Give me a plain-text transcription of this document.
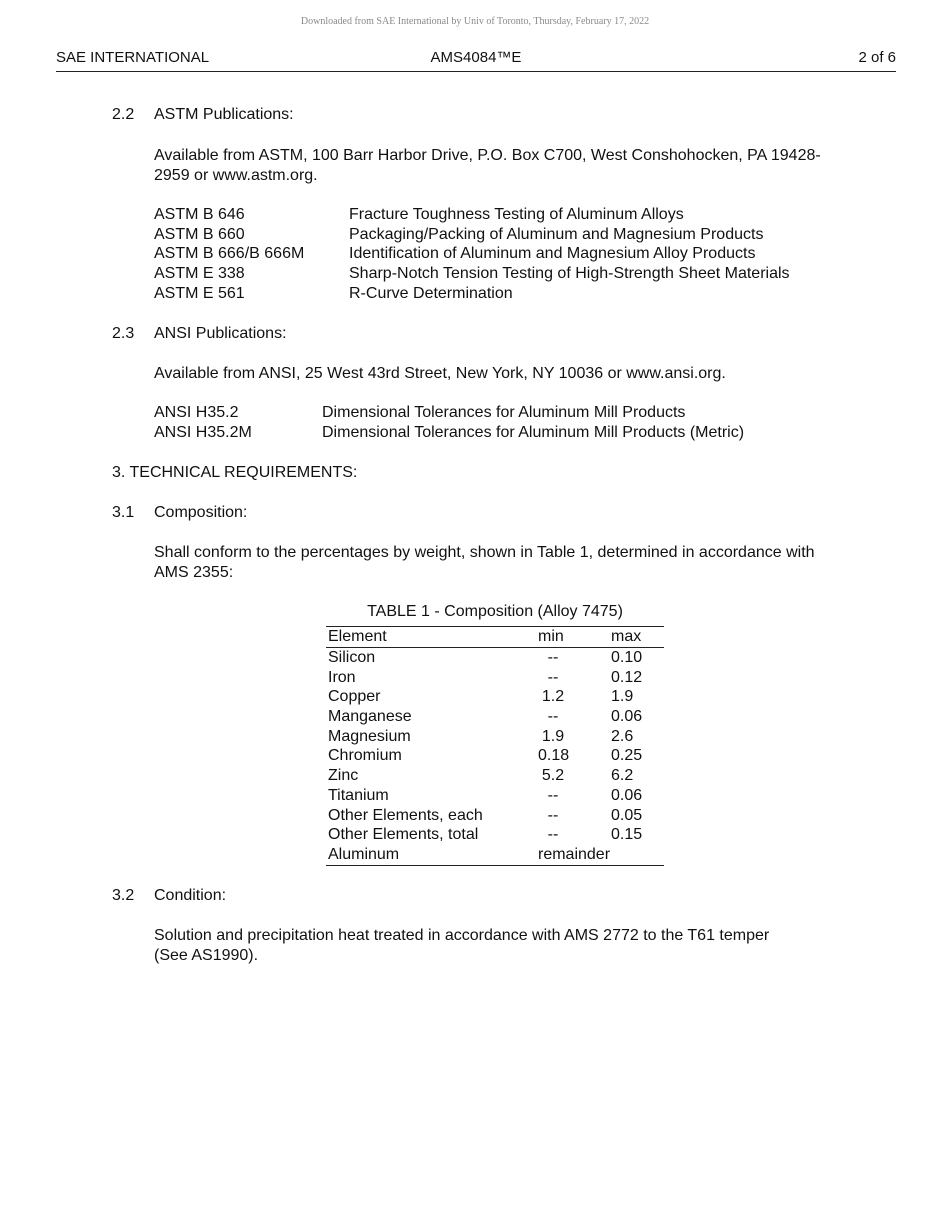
Downloaded from SAE International by Univ of Toronto, Thursday, February 17, 2022
SAE INTERNATIONAL	AMS4084™E	2 of 6
2.2 ASTM Publications:
Available from ASTM, 100 Barr Harbor Drive, P.O. Box C700, West Conshohocken, PA 19428-
2959 or www.astm.org.
ASTM B 646	Fracture Toughness Testing of Aluminum Alloys
ASTM B 660	Packaging/Packing of Aluminum and Magnesium Products
ASTM B 666/B 666M	Identification of Aluminum and Magnesium Alloy Products
ASTM E 338	Sharp-Notch Tension Testing of High-Strength Sheet Materials
ASTM E 561	R-Curve Determination
2.3 ANSI Publications:
Available from ANSI, 25 West 43rd Street, New York, NY 10036 or www.ansi.org.
ANSI H35.2	Dimensional Tolerances for Aluminum Mill Products
ANSI H35.2M	Dimensional Tolerances for Aluminum Mill Products (Metric)
3. TECHNICAL REQUIREMENTS:
3.1 Composition:
Shall conform to the percentages by weight, shown in Table 1, determined in accordance with
AMS 2355:
TABLE 1 - Composition (Alloy 7475)
Element	min	max
Silicon	--	0.10
Iron	--	0.12
Copper	1.2	1.9
Manganese	--	0.06
Magnesium	1.9	2.6
Chromium	0.18	0.25
Zinc	5.2	6.2
Titanium	--	0.06
Other Elements, each	--	0.05
Other Elements, total	--	0.15
Aluminum	remainder
3.2 Condition:
Solution and precipitation heat treated in accordance with AMS 2772 to the T61 temper
(See AS1990).
